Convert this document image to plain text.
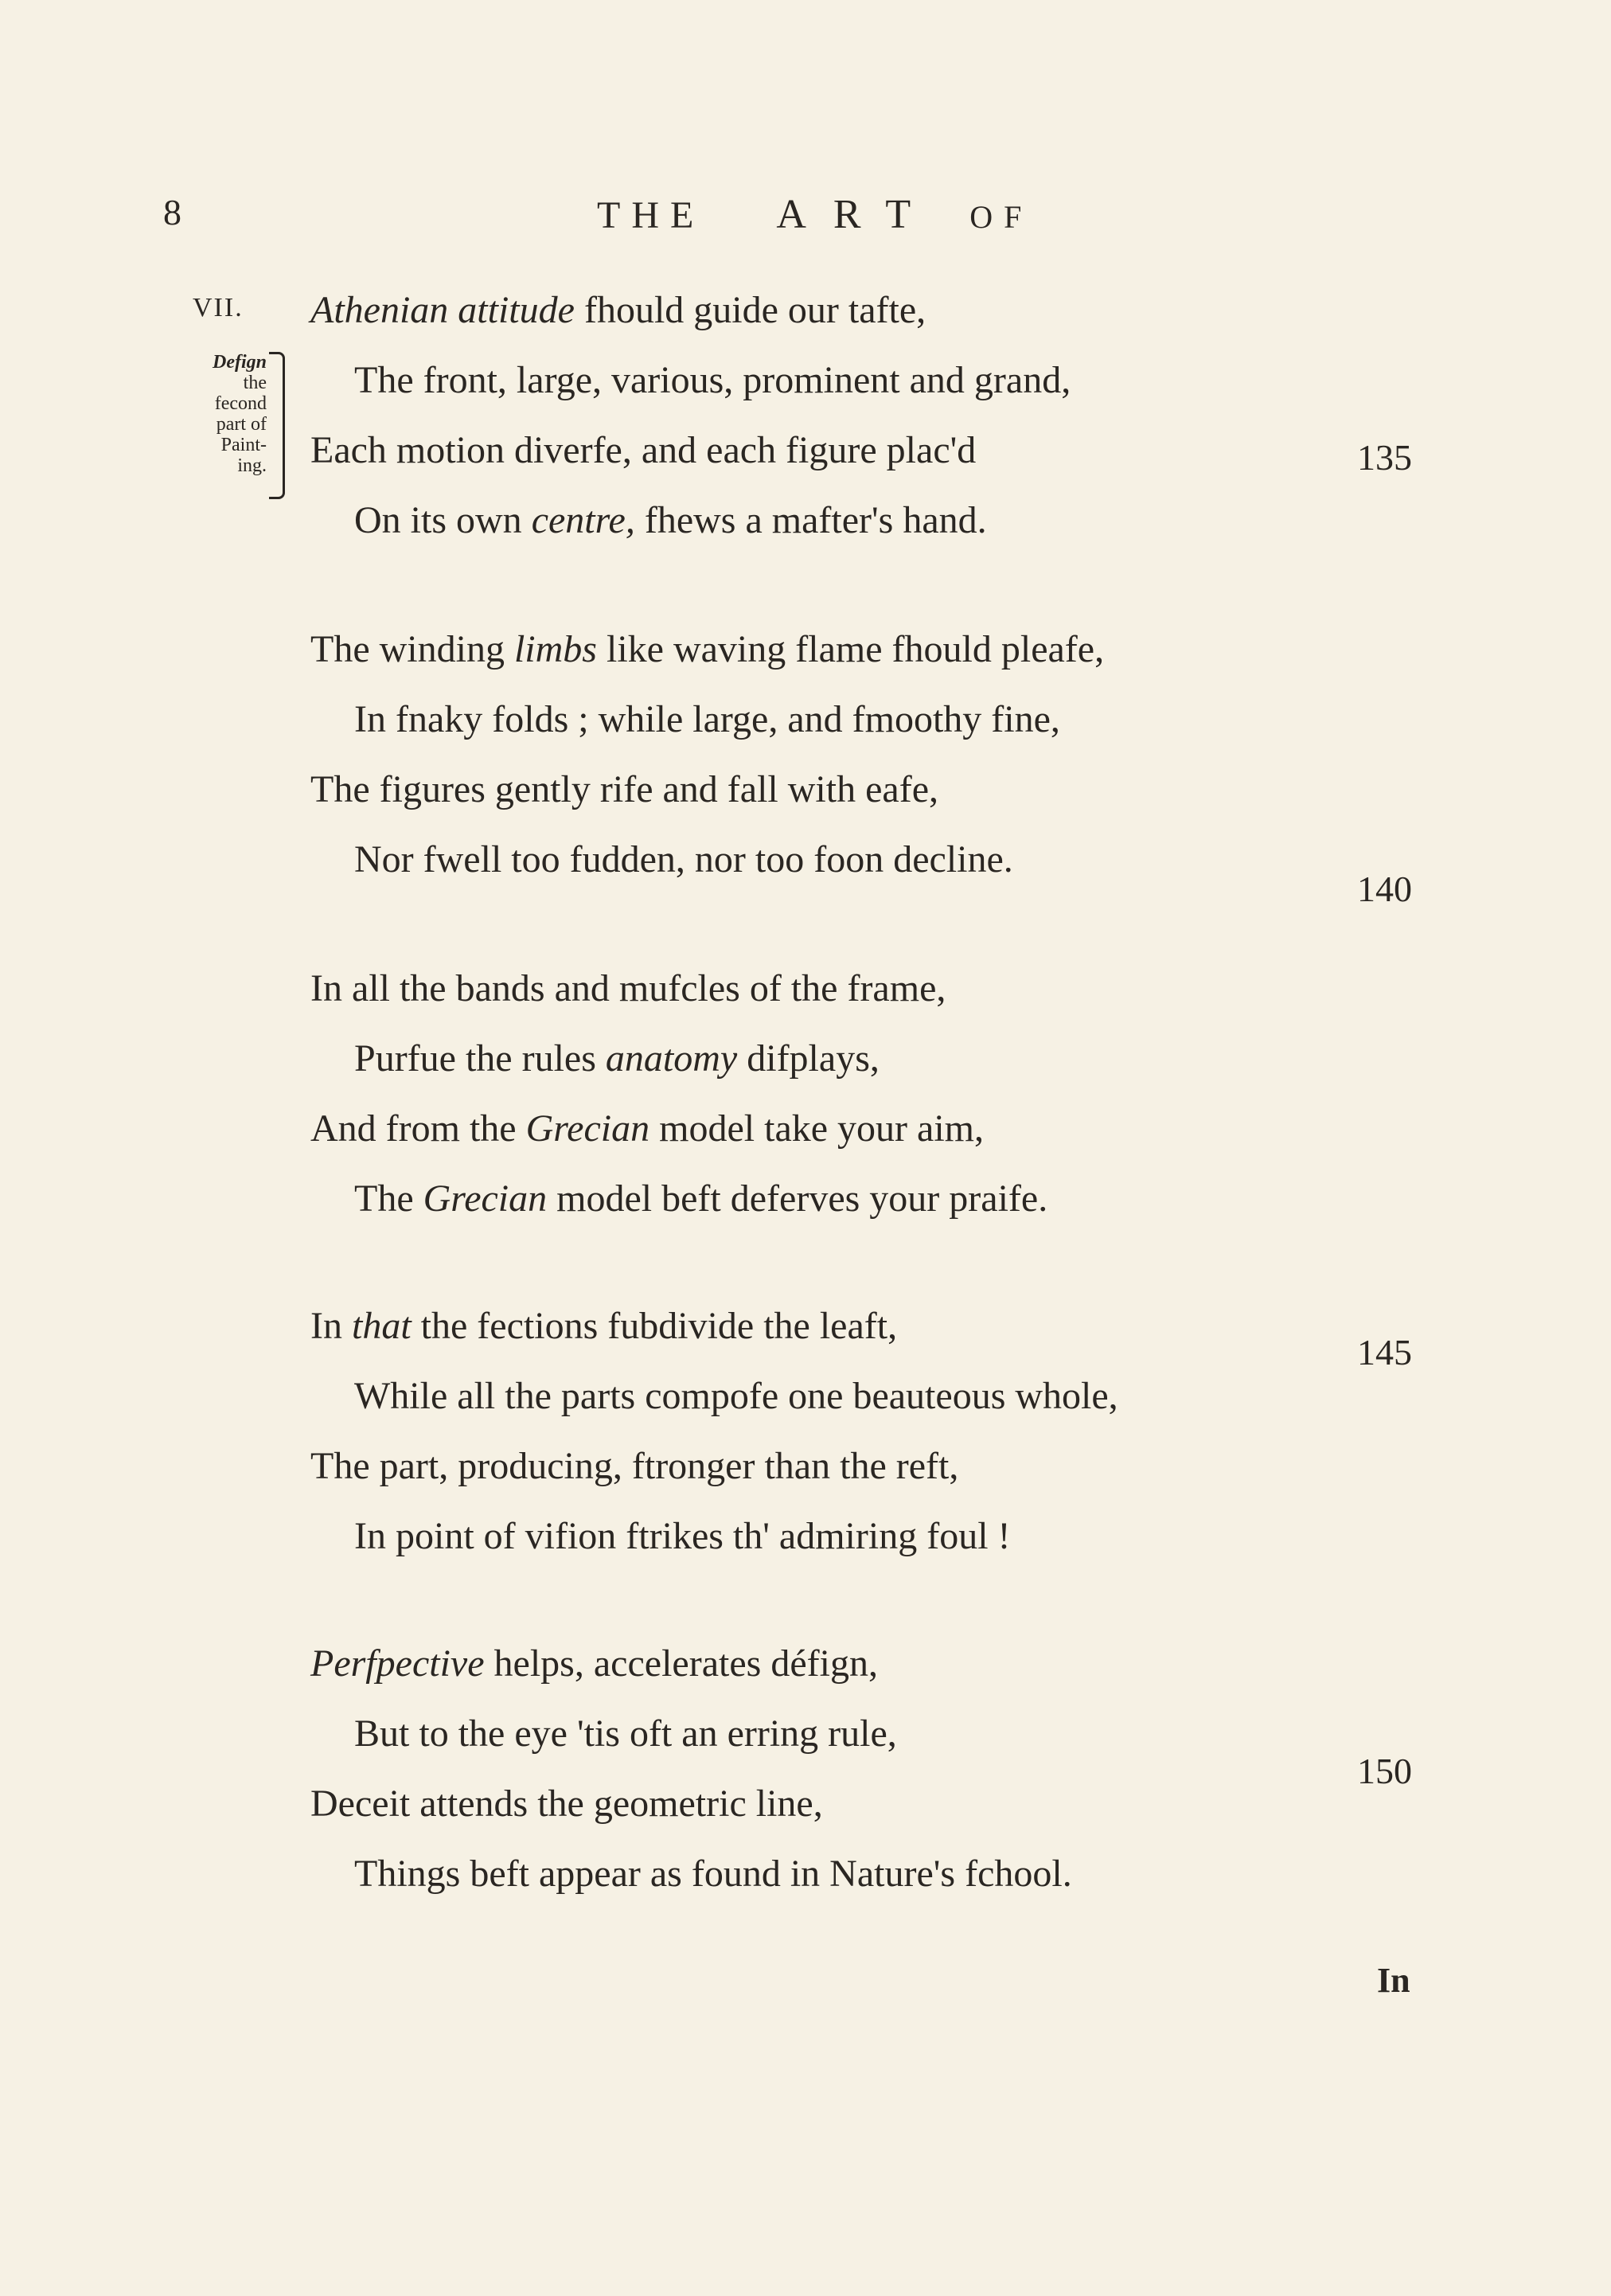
8	THE ART OF
VII.
Defign
the
fecond
part of
Paint-
ing.
Athenian attitude fhould guide our tafte,
The front, large, various, prominent and grand,
Each motion diverfe, and each figure plac'd
On its own centre, fhews a mafter's hand.
The winding limbs like waving flame fhould pleafe,
In fnaky folds ; while large, and fmoothy fine,
The figures gently rife and fall with eafe,
Nor fwell too fudden, nor too foon decline.
In all the bands and mufcles of the frame,
Purfue the rules anatomy difplays,
And from the Grecian model take your aim,
The Grecian model beft deferves your praife.
In that the fections fubdivide the leaft,
While all the parts compofe one beauteous whole,
The part, producing, ftronger than the reft,
In point of vifion ftrikes th' admiring foul !
Perfpective helps, accelerates défign,
But to the eye 'tis oft an erring rule,
Deceit attends the geometric line,
Things beft appear as found in Nature's fchool.
135
140
145
150
In
